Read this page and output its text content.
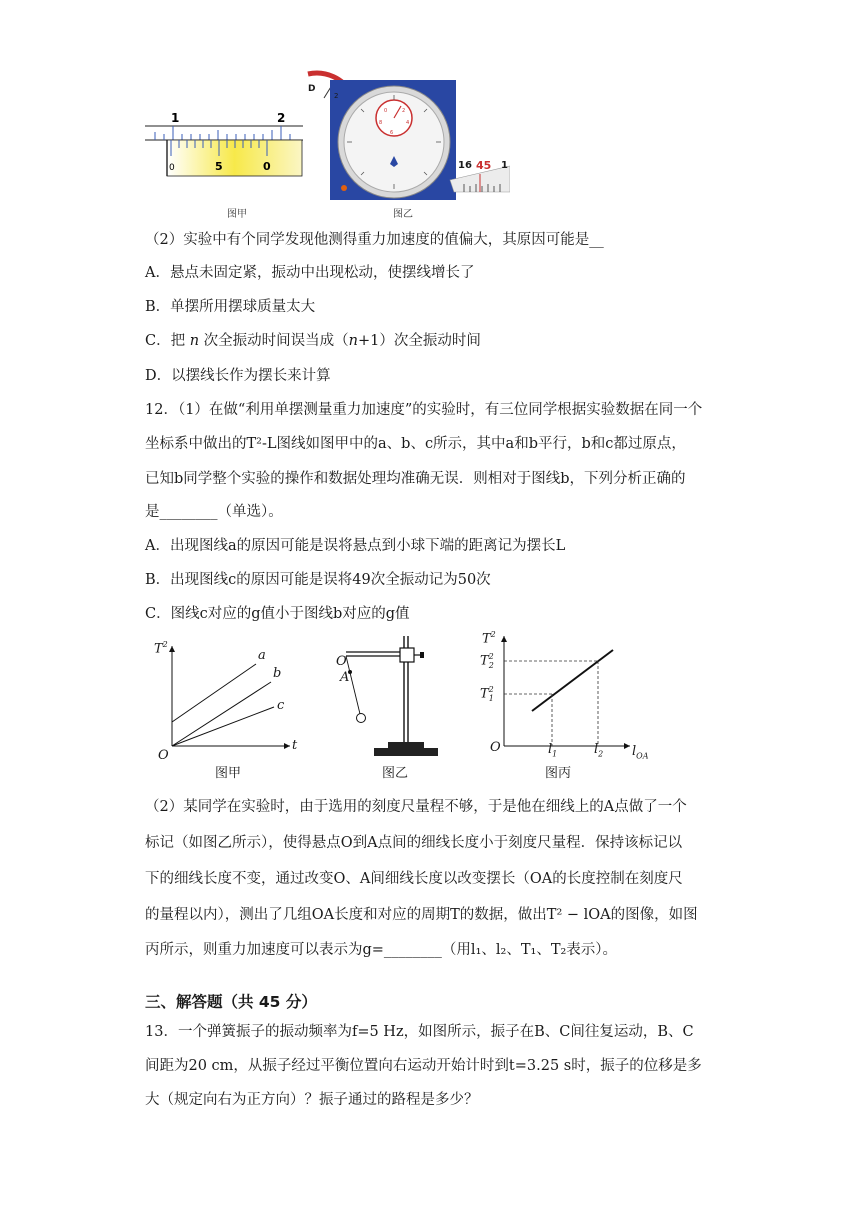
1	2
0	5	0
图甲
0	2
4
6
8
D
2
16 45 1
图乙
（2）实验中有个同学发现他测得重力加速度的值偏大，其原因可能是__
A．悬点未固定紧，振动中出现松动，使摆线增长了
B．单摆所用摆球质量太大
C．把 n 次全振动时间误当成（n+1）次全振动时间
D．以摆线长作为摆长来计算
12．（1）在做“利用单摆测量重力加速度”的实验时，有三位同学根据实验数据在同一个
坐标系中做出的T²-L图线如图甲中的a、b、c所示，其中a和b平行，b和c都过原点，
已知b同学整个实验的操作和数据处理均准确无误．则相对于图线b，下列分析正确的
是________（单选）。
A．出现图线a的原因可能是误将悬点到小球下端的距离记为摆长L
B．出现图线c的原因可能是误将49次全振动记为50次
C．图线c对应的g值小于图线b对应的g值
$T^2$
a
b
c
O
t
图甲
O
A
图乙
$T^2$
$T^2_2$
$T^2_1$
O	$l_1$	$l_2$ $l_{OA}$
图丙
（2）某同学在实验时，由于选用的刻度尺量程不够，于是他在细线上的A点做了一个
标记（如图乙所示），使得悬点O到A点间的细线长度小于刻度尺量程．保持该标记以
下的细线长度不变，通过改变O、A间细线长度以改变摆长（OA的长度控制在刻度尺
的量程以内），测出了几组OA长度和对应的周期T的数据，做出T² − lOA的图像，如图
丙所示，则重力加速度可以表示为g=________（用l₁、l₂、T₁、T₂表示）。
三、解答题（共 45 分）
13．一个弹簧振子的振动频率为f=5 Hz，如图所示，振子在B、C间往复运动，B、C
间距为20 cm，从振子经过平衡位置向右运动开始计时到t=3.25 s时，振子的位移是多
大（规定向右为正方向）？振子通过的路程是多少？
